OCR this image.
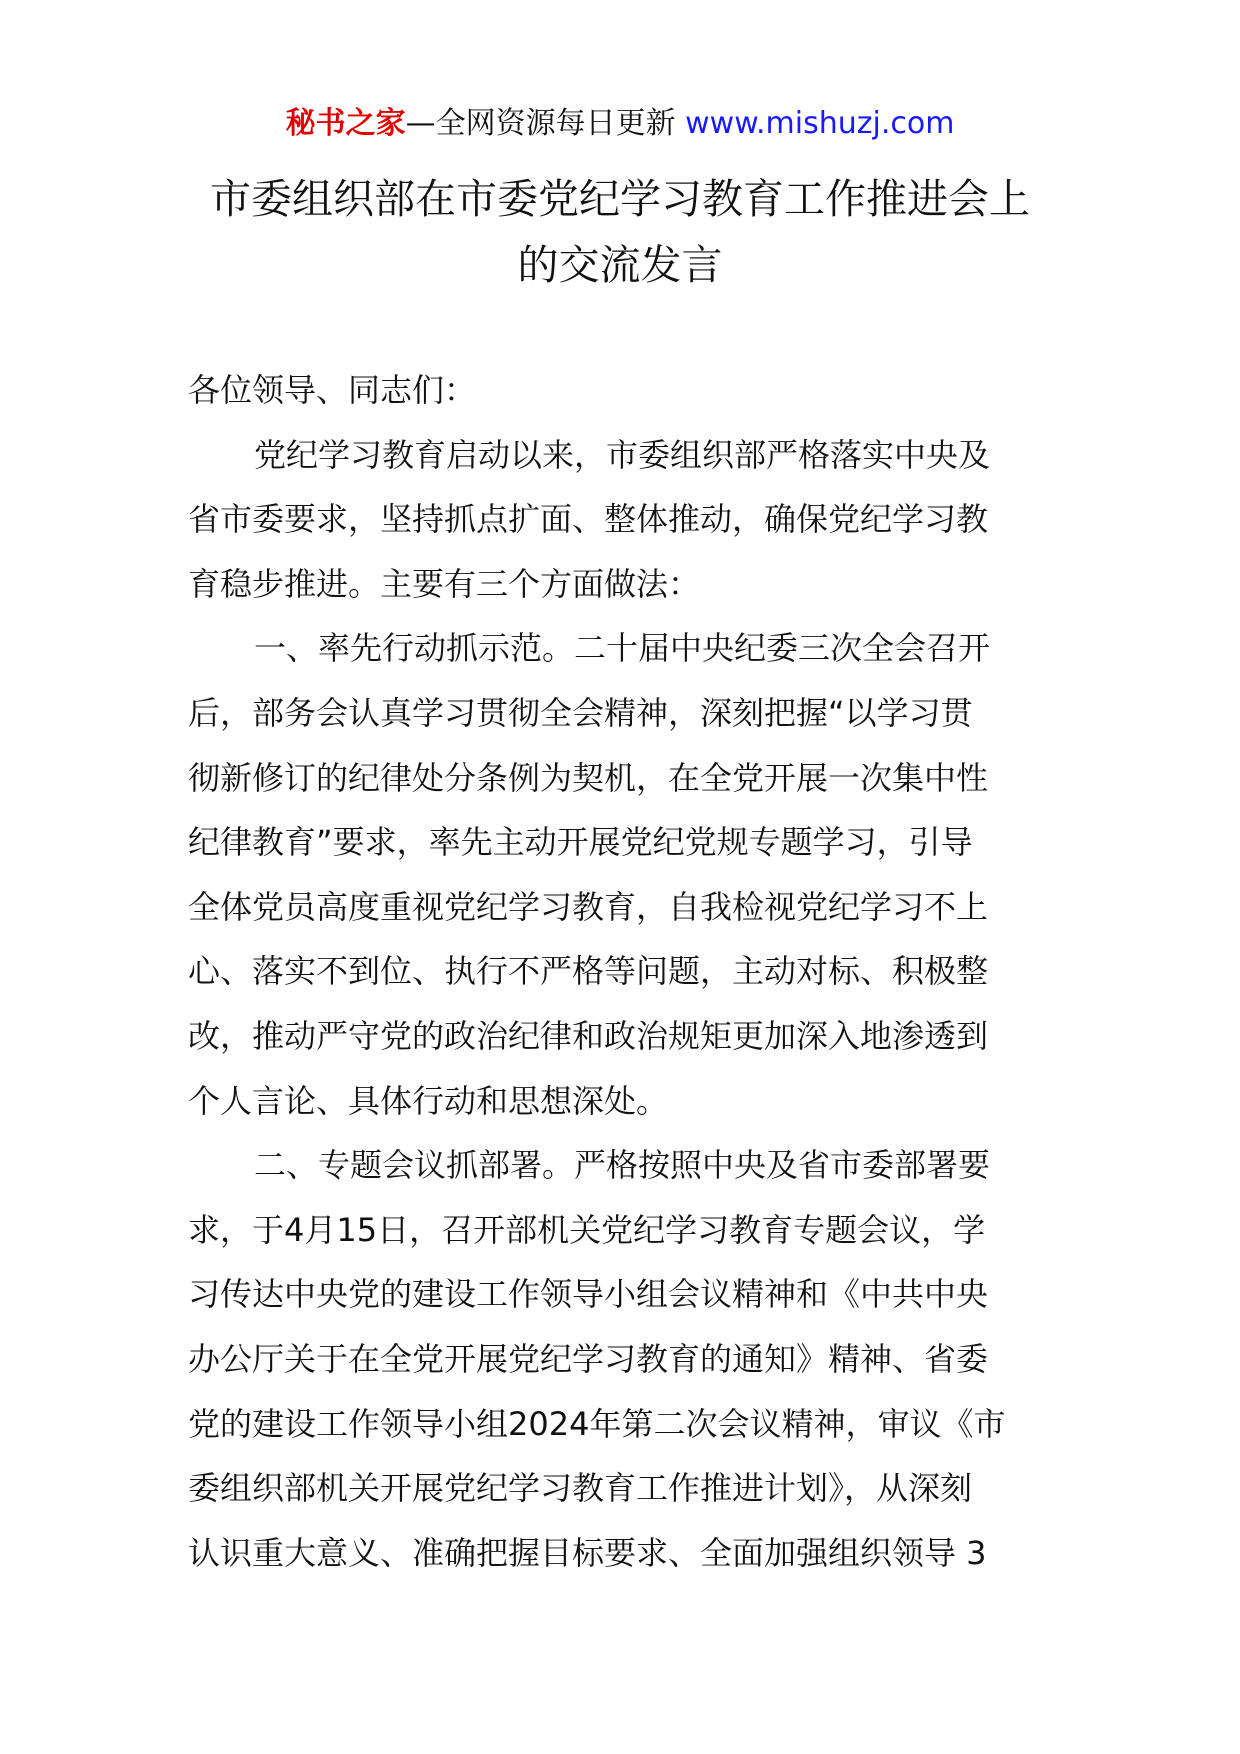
秘书之家—全网资源每日更新 www.mishuzj.com
市委组织部在市委党纪学习教育工作推进会上
的交流发言
各位领导、同志们：
党纪学习教育启动以来，市委组织部严格落实中央及
省市委要求，坚持抓点扩面、整体推动，确保党纪学习教
育稳步推进。主要有三个方面做法：
一、率先行动抓示范。二十届中央纪委三次全会召开
后，部务会认真学习贯彻全会精神，深刻把握“以学习贯
彻新修订的纪律处分条例为契机，在全党开展一次集中性
纪律教育”要求，率先主动开展党纪党规专题学习，引导
全体党员高度重视党纪学习教育，自我检视党纪学习不上
心、落实不到位、执行不严格等问题，主动对标、积极整
改，推动严守党的政治纪律和政治规矩更加深入地渗透到
个人言论、具体行动和思想深处。
二、专题会议抓部署。严格按照中央及省市委部署要
求，于4月15日，召开部机关党纪学习教育专题会议，学
习传达中央党的建设工作领导小组会议精神和《中共中央
办公厅关于在全党开展党纪学习教育的通知》精神、省委
党的建设工作领导小组2024年第二次会议精神，审议《市
委组织部机关开展党纪学习教育工作推进计划》，从深刻
认识重大意义、准确把握目标要求、全面加强组织领导 3
